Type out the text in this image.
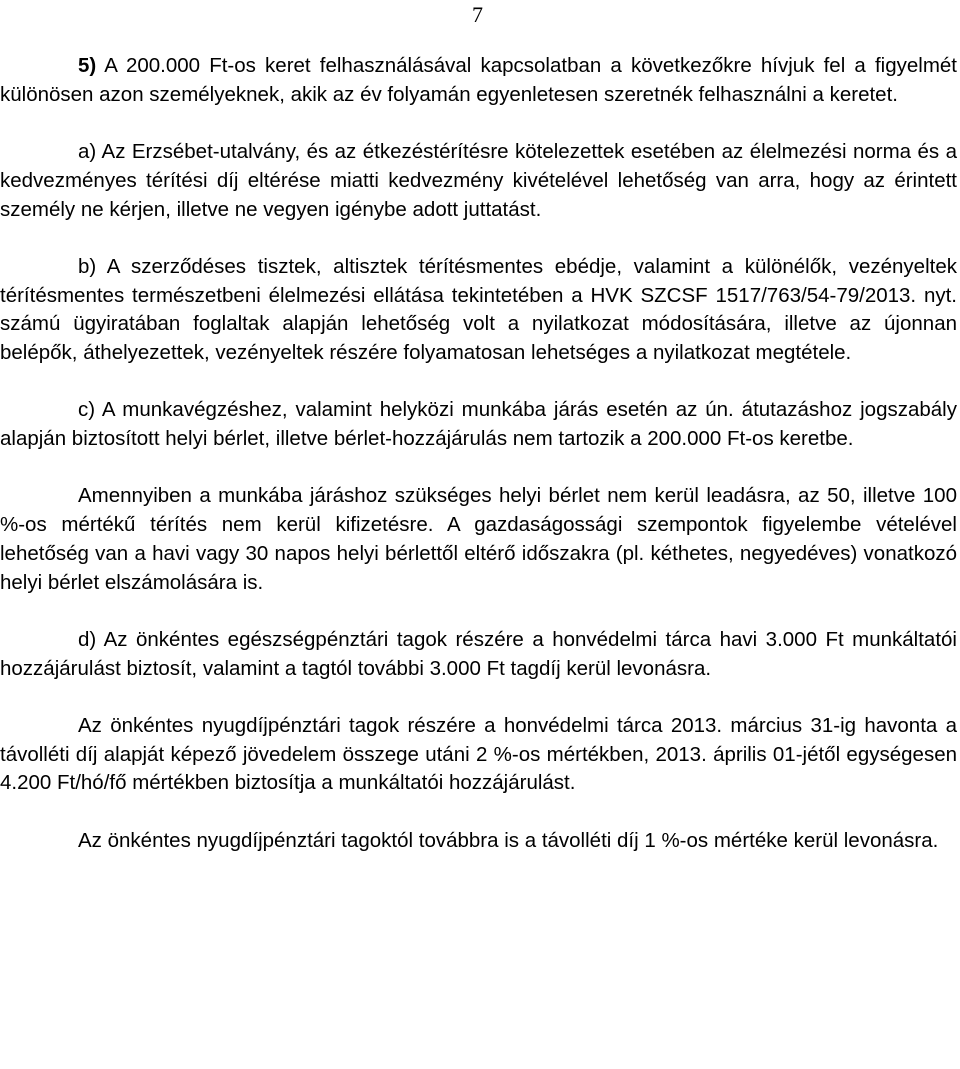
7

5) A 200.000 Ft-os keret felhasználásával kapcsolatban a következőkre hívjuk fel a figyelmét különösen azon személyeknek, akik az év folyamán egyenletesen szeretnék felhasználni a keretet.

a) Az Erzsébet-utalvány, és az étkezéstérítésre kötelezettek esetében az élelmezési norma és a kedvezményes térítési díj eltérése miatti kedvezmény kivételével lehetőség van arra, hogy az érintett személy ne kérjen, illetve ne vegyen igénybe adott juttatást.

b) A szerződéses tisztek, altisztek térítésmentes ebédje, valamint a különélők, vezényeltek térítésmentes természetbeni élelmezési ellátása tekintetében a HVK SZCSF 1517/763/54-79/2013. nyt. számú ügyiratában foglaltak alapján lehetőség volt a nyilatkozat módosítására, illetve az újonnan belépők, áthelyezettek, vezényeltek részére folyamatosan lehetséges a nyilatkozat megtétele.

c) A munkavégzéshez, valamint helyközi munkába járás esetén az ún. átutazáshoz jogszabály alapján biztosított helyi bérlet, illetve bérlet-hozzájárulás nem tartozik a 200.000 Ft-os keretbe.

Amennyiben a munkába járáshoz szükséges helyi bérlet nem kerül leadásra, az 50, illetve 100 %-os mértékű térítés nem kerül kifizetésre. A gazdaságossági szempontok figyelembe vételével lehetőség van a havi vagy 30 napos helyi bérlettől eltérő időszakra (pl. kéthetes, negyedéves) vonatkozó helyi bérlet elszámolására is.

d) Az önkéntes egészségpénztári tagok részére a honvédelmi tárca havi 3.000 Ft munkáltatói hozzájárulást biztosít, valamint a tagtól további 3.000 Ft tagdíj kerül levonásra.

Az önkéntes nyugdíjpénztári tagok részére a honvédelmi tárca 2013. március 31-ig havonta a távolléti díj alapját képező jövedelem összege utáni 2 %-os mértékben, 2013. április 01-jétől egységesen 4.200 Ft/hó/fő mértékben biztosítja a munkáltatói hozzájárulást.

Az önkéntes nyugdíjpénztári tagoktól továbbra is a távolléti díj 1 %-os mértéke kerül levonásra.
